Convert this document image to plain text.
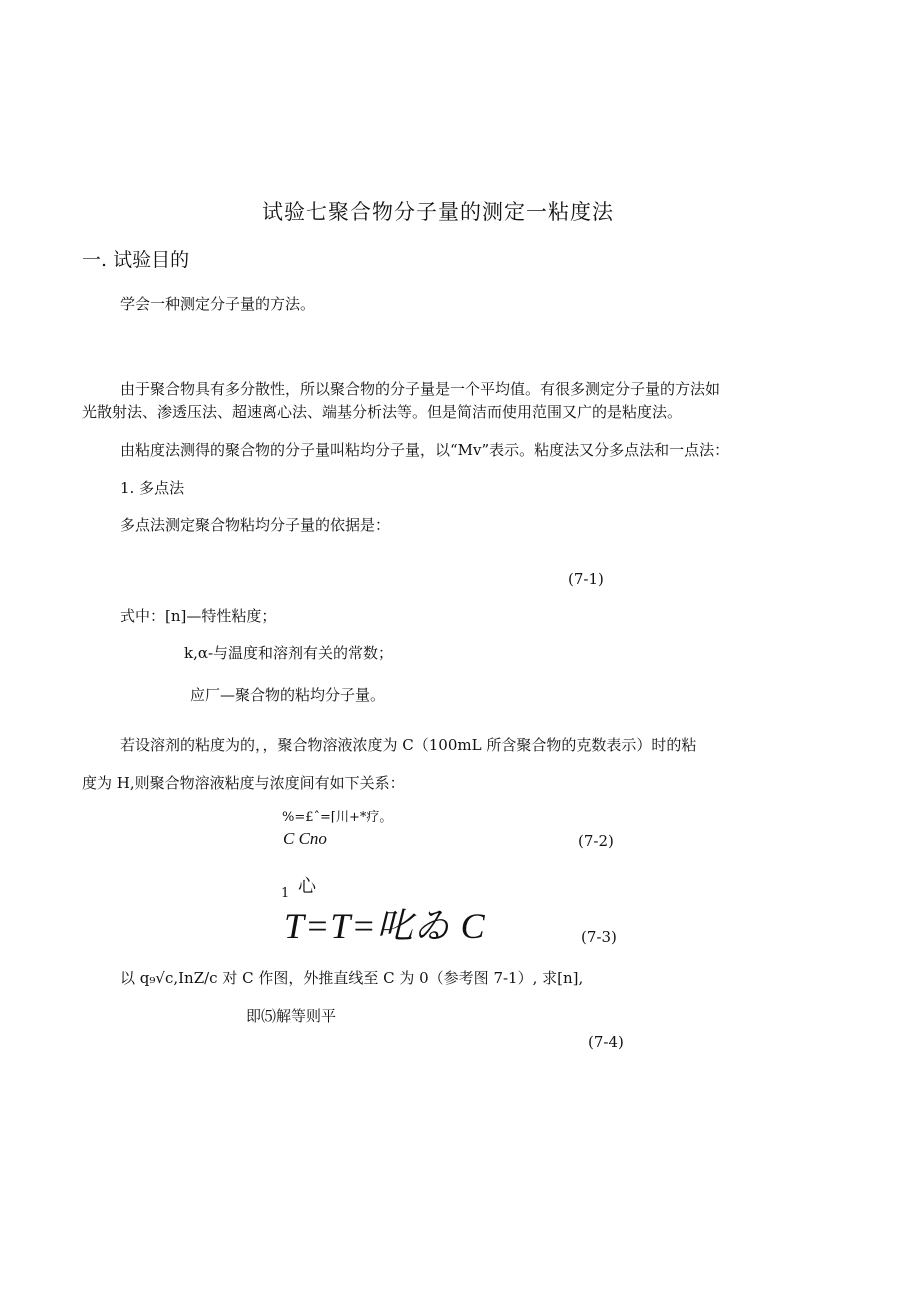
试验七聚合物分子量的测定一粘度法
一. 试验目的
学会一种测定分子量的方法。
由于聚合物具有多分散性，所以聚合物的分子量是一个平均值。有很多测定分子量的方法如
光散射法、渗透压法、超速离心法、端基分析法等。但是简洁而使用范围又广的是粘度法。
由粘度法测得的聚合物的分子量叫粘均分子量，以“Mv”表示。粘度法又分多点法和一点法：
1. 多点法
多点法测定聚合物粘均分子量的依据是：
(7-1)
式中：[n]—特性粘度；
k,α-与温度和溶剂有关的常数；
应厂—聚合物的粘均分子量。
若设溶剂的粘度为的，，聚合物溶液浓度为 C（100mL 所含聚合物的克数表示）时的粘
度为 H,则聚合物溶液粘度与浓度间有如下关系：
%=£ˆ=⌈川+*疗。
C Cno	(7-2)
1 心
T=T=叱ゐ C	(7-3)
以 q₉√c,InZ/c 对 C 作图，外推直线至 C 为 0（参考图 7-1）, 求[n],
即⑸解等则平
(7-4)
